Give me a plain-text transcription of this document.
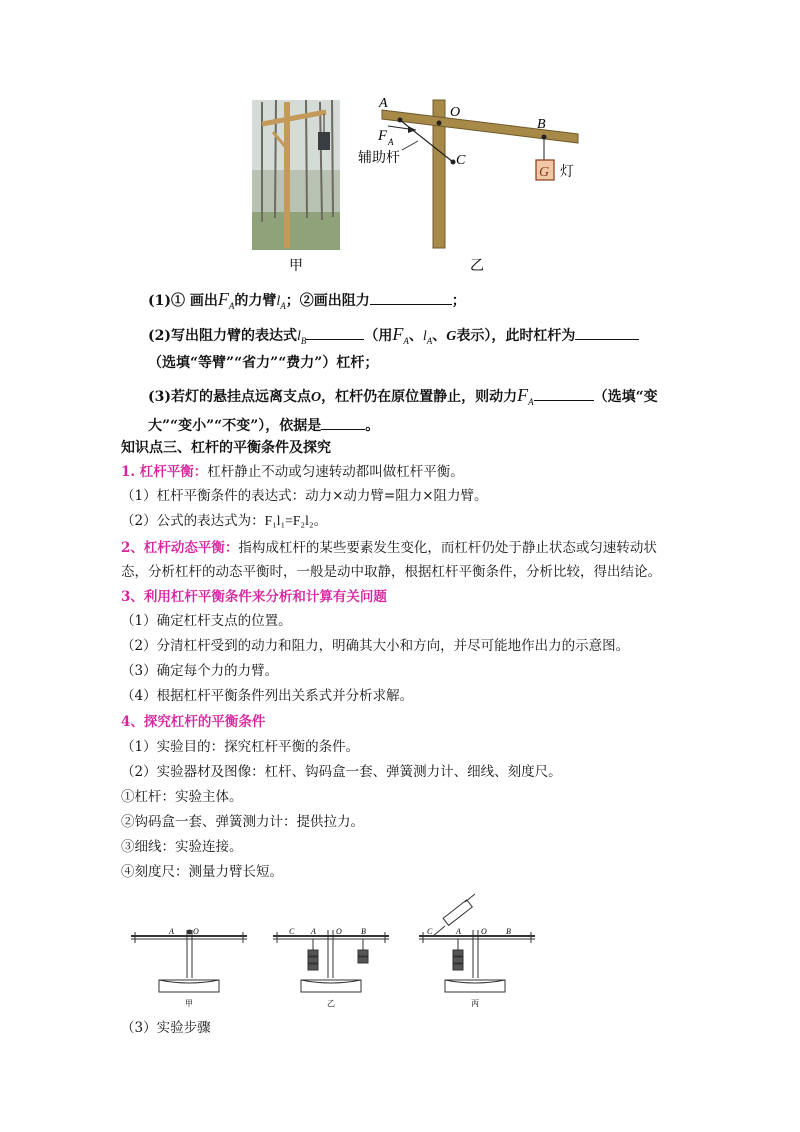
甲
A
O
B
C
F A
G 灯
辅助杆
乙
(1)① 画出$F_A$的力臂$l_A$；②画出阻力	；
(2)写出阻力臂的表达式$l_B$	（用$F_A$、$l_A$、G表示），此时杠杆为
（选填“等臂”“省力”“费力”）杠杆；
(3)若灯的悬挂点远离支点O，杠杆仍在原位置静止，则动力$F_A$	（选填“变
大”“变小”“不变”），依据是	。
知识点三、杠杆的平衡条件及探究
1. 杠杆平衡：杠杆静止不动或匀速转动都叫做杠杆平衡。
（1）杠杆平衡条件的表达式：动力×动力臂=阻力×阻力臂。
（2）公式的表达式为：F₁l₁=F₂l₂。
2、杠杆动态平衡：指构成杠杆的某些要素发生变化，而杠杆仍处于静止状态或匀速转动状
态，分析杠杆的动态平衡时，一般是动中取静，根据杠杆平衡条件，分析比较，得出结论。
3、利用杠杆平衡条件来分析和计算有关问题
（1）确定杠杆支点的位置。
（2）分清杠杆受到的动力和阻力，明确其大小和方向，并尽可能地作出力的示意图。
（3）确定每个力的力臂。
（4）根据杠杆平衡条件列出关系式并分析求解。
4、探究杠杆的平衡条件
（1）实验目的：探究杠杆平衡的条件。
（2）实验器材及图像：杠杆、钩码盒一套、弹簧测力计、细线、刻度尺。
①杠杆：实验主体。
②钩码盒一套、弹簧测力计：提供拉力。
③细线：实验连接。
④刻度尺：测量力臂长短。
A O
甲
C A	O B
乙
C	A	O B
丙
（3）实验步骤
